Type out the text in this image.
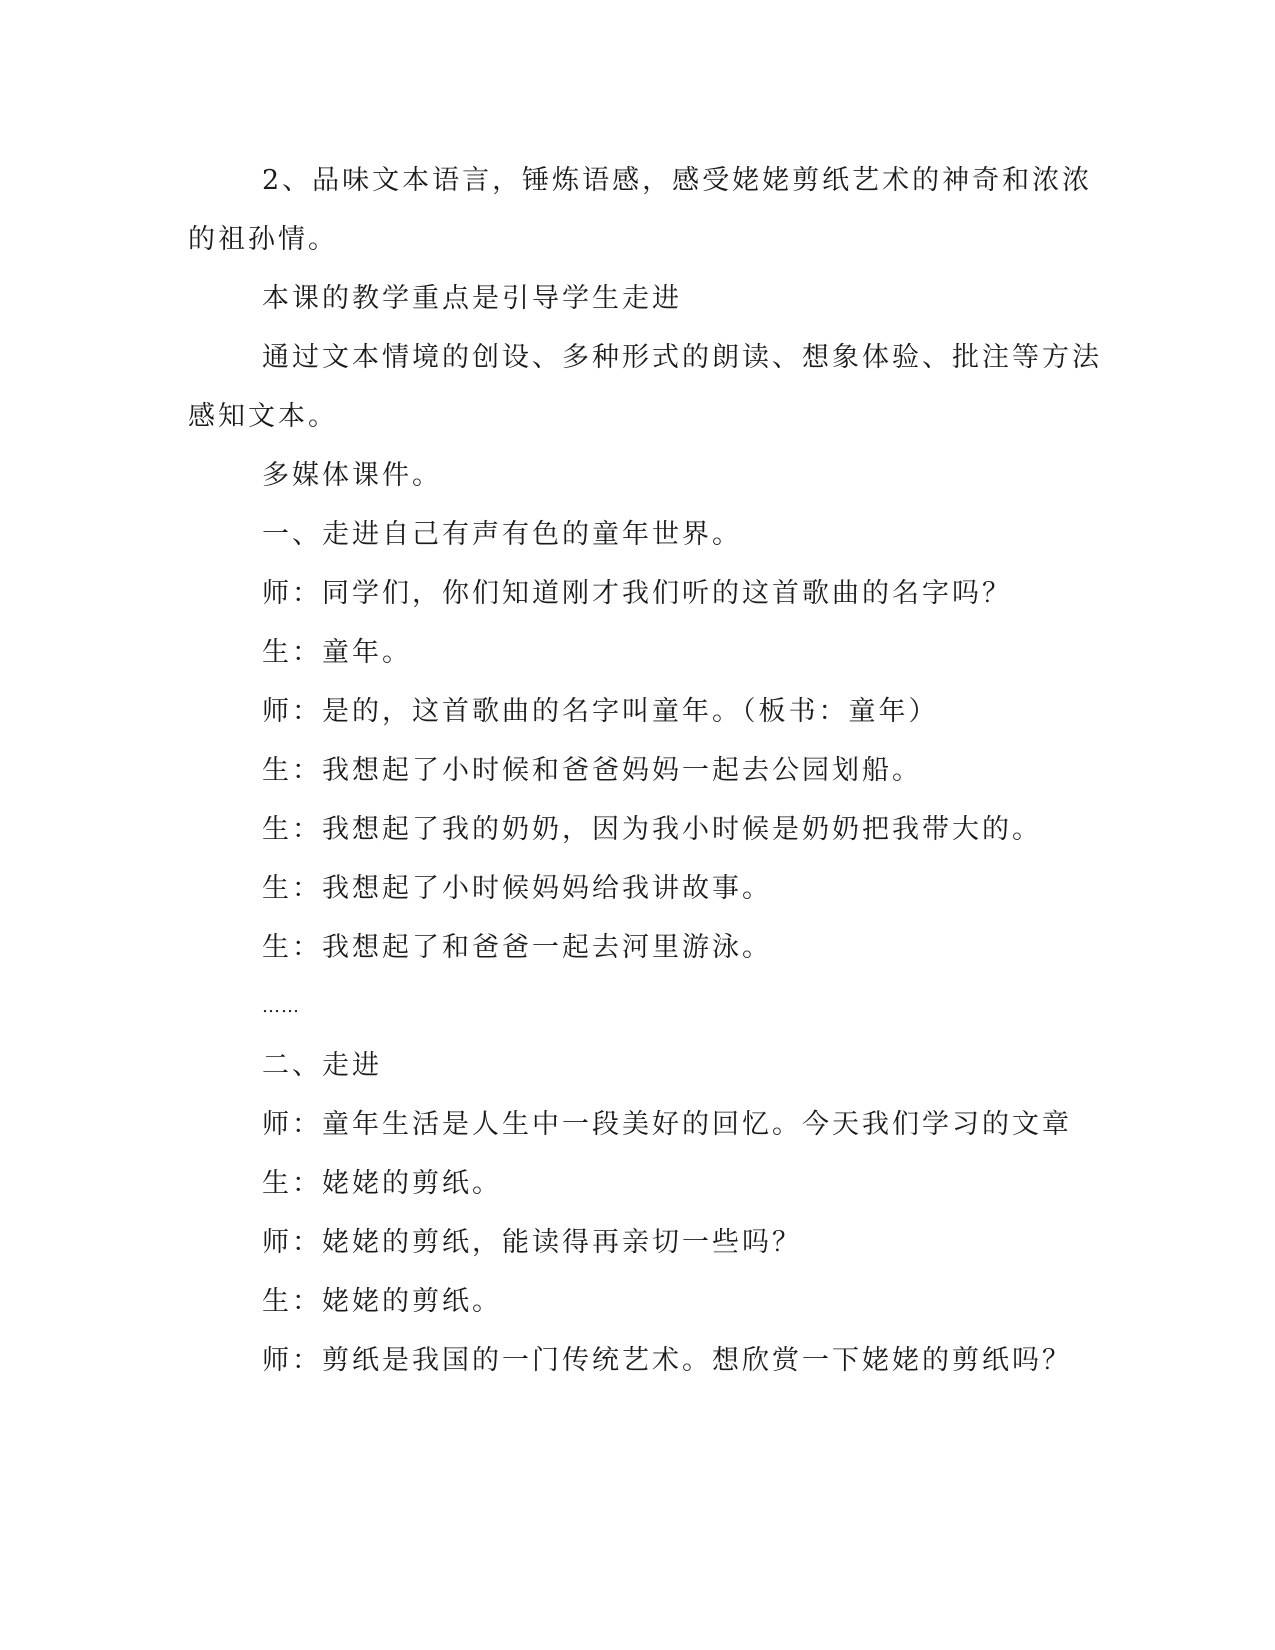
2、品味文本语言，锤炼语感，感受姥姥剪纸艺术的神奇和浓浓
的祖孙情。
本课的教学重点是引导学生走进
通过文本情境的创设、多种形式的朗读、想象体验、批注等方法
感知文本。
多媒体课件。
一、走进自己有声有色的童年世界。
师：同学们，你们知道刚才我们听的这首歌曲的名字吗？
生：童年。
师：是的，这首歌曲的名字叫童年。（板书：童年）
生：我想起了小时候和爸爸妈妈一起去公园划船。
生：我想起了我的奶奶，因为我小时候是奶奶把我带大的。
生：我想起了小时候妈妈给我讲故事。
生：我想起了和爸爸一起去河里游泳。
……
二、走进
师：童年生活是人生中一段美好的回忆。今天我们学习的文章
生：姥姥的剪纸。
师：姥姥的剪纸，能读得再亲切一些吗？
生：姥姥的剪纸。
师：剪纸是我国的一门传统艺术。想欣赏一下姥姥的剪纸吗？
